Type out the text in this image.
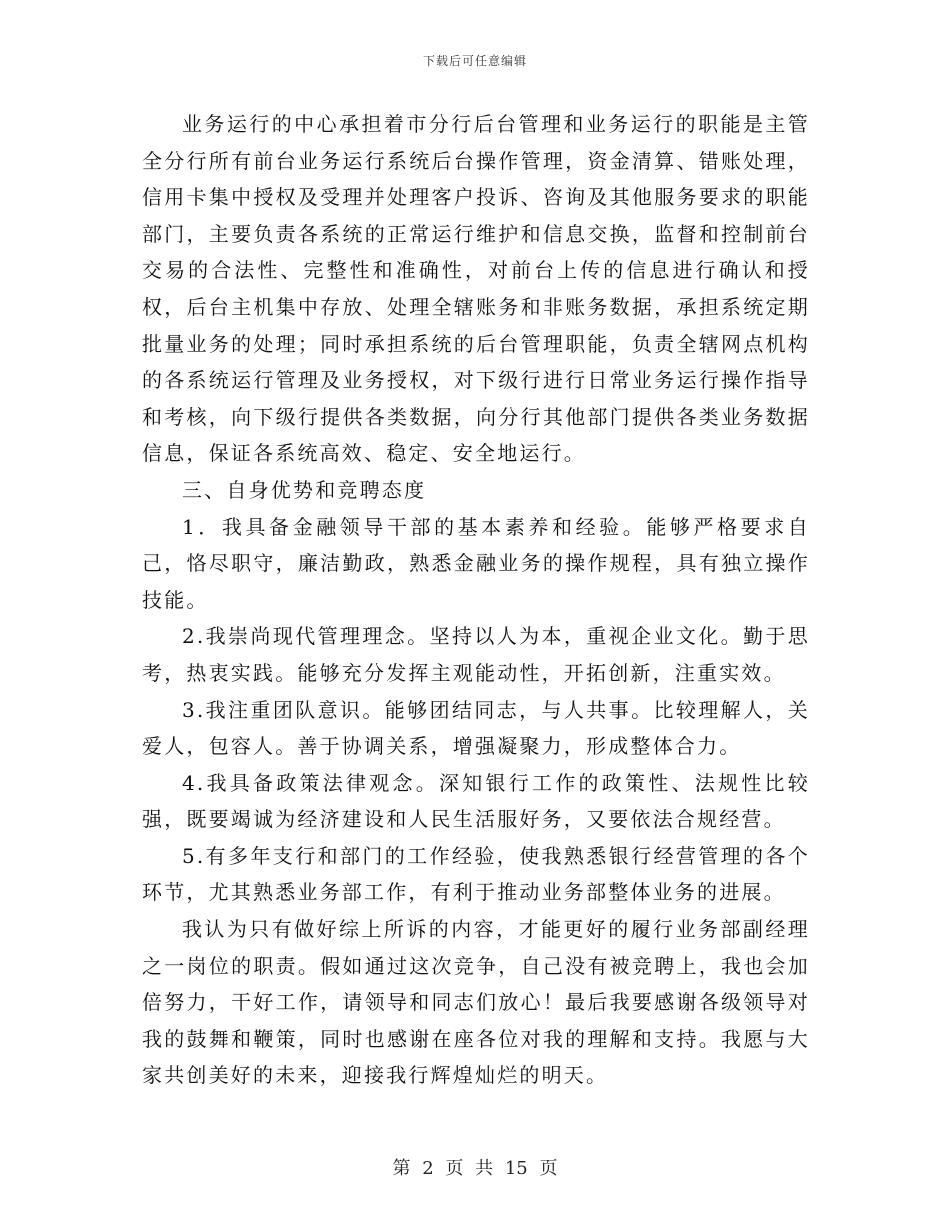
下载后可任意编辑

业务运行的中心承担着市分行后台管理和业务运行的职能是主管全分行所有前台业务运行系统后台操作管理，资金清算、错账处理，信用卡集中授权及受理并处理客户投诉、咨询及其他服务要求的职能部门，主要负责各系统的正常运行维护和信息交换，监督和控制前台交易的合法性、完整性和准确性，对前台上传的信息进行确认和授权，后台主机集中存放、处理全辖账务和非账务数据，承担系统定期批量业务的处理；同时承担系统的后台管理职能，负责全辖网点机构的各系统运行管理及业务授权，对下级行进行日常业务运行操作指导和考核，向下级行提供各类数据，向分行其他部门提供各类业务数据信息，保证各系统高效、稳定、安全地运行。

三、自身优势和竞聘态度

1．我具备金融领导干部的基本素养和经验。能够严格要求自己，恪尽职守，廉洁勤政，熟悉金融业务的操作规程，具有独立操作技能。

2.我崇尚现代管理理念。坚持以人为本，重视企业文化。勤于思考，热衷实践。能够充分发挥主观能动性，开拓创新，注重实效。

3.我注重团队意识。能够团结同志，与人共事。比较理解人，关爱人，包容人。善于协调关系，增强凝聚力，形成整体合力。

4.我具备政策法律观念。深知银行工作的政策性、法规性比较强，既要竭诚为经济建设和人民生活服好务，又要依法合规经营。

5.有多年支行和部门的工作经验，使我熟悉银行经营管理的各个环节，尤其熟悉业务部工作，有利于推动业务部整体业务的进展。

我认为只有做好综上所诉的内容，才能更好的履行业务部副经理之一岗位的职责。假如通过这次竞争，自己没有被竞聘上，我也会加倍努力，干好工作，请领导和同志们放心！最后我要感谢各级领导对我的鼓舞和鞭策，同时也感谢在座各位对我的理解和支持。我愿与大家共创美好的未来，迎接我行辉煌灿烂的明天。

第 2 页 共 15 页
